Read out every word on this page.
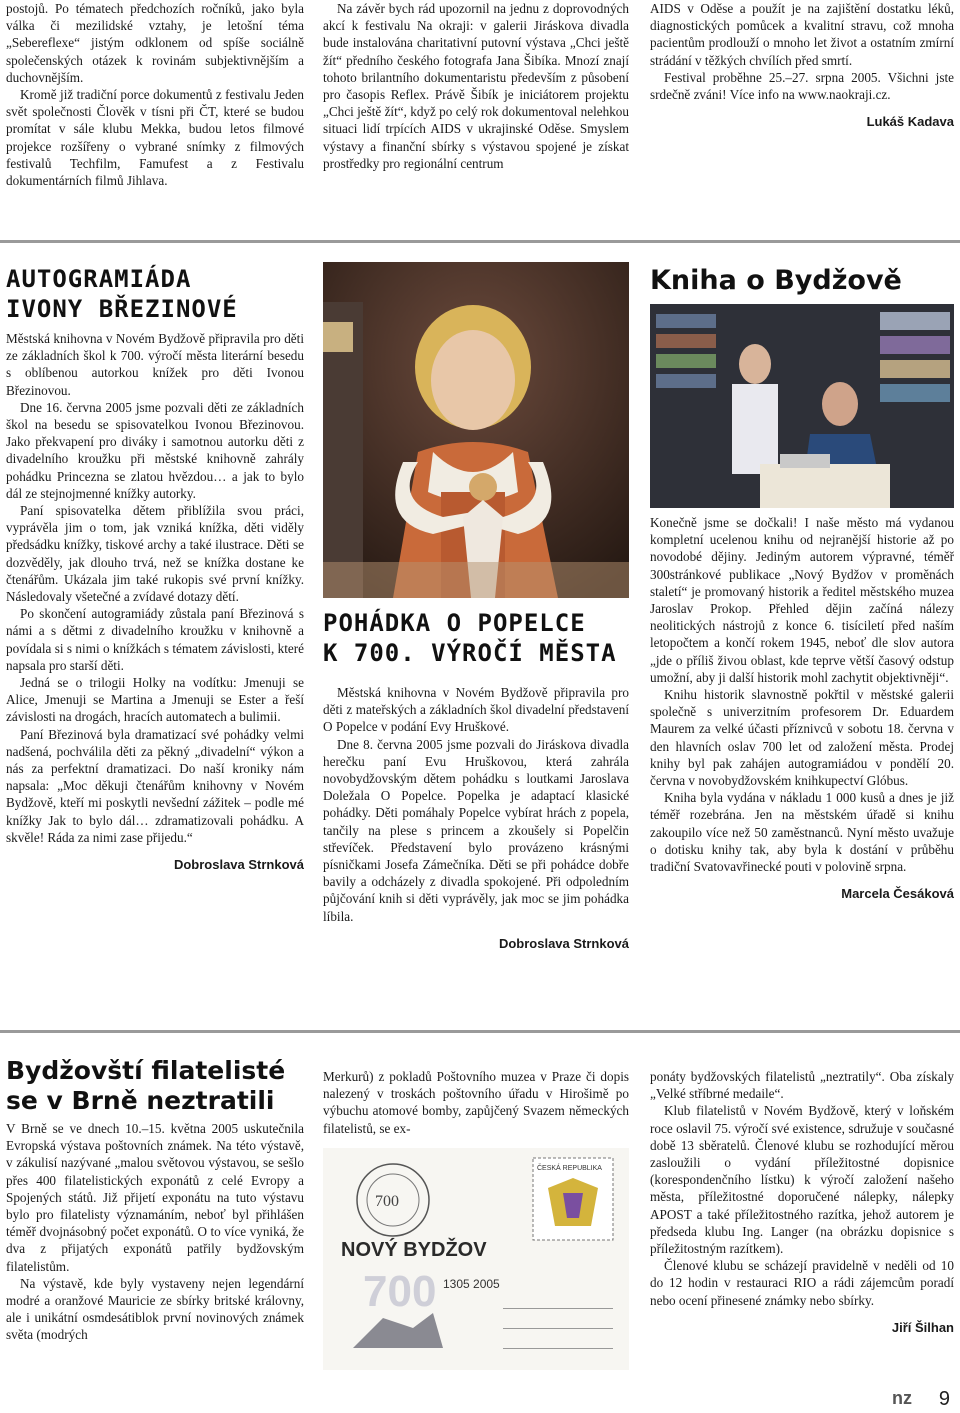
postojů. Po tématech předchozích ročníků, jako byla válka či mezilidské vztahy, je letošní téma „Sebereflexe“ jistým odklonem od spíše sociálně společenských otázek k rovinám subjektivnějším a duchovnějším.

Kromě již tradiční porce dokumentů z festivalu Jeden svět společnosti Člověk v tísni při ČT, které se budou promítat v sále klubu Mekka, budou letos filmové projekce rozšířeny o vybrané snímky z filmových festivalů Techfilm, Famufest a z Festivalu dokumentárních filmů Jihlava.

Na závěr bych rád upozornil na jednu z doprovodných akcí k festivalu Na okraji: v galerii Jiráskova divadla bude instalována charitativní putovní výstava „Chci ještě žít“ předního českého fotografa Jana Šibíka. Mnozí znají tohoto brilantního dokumentaristu především z působení pro časopis Reflex. Právě Šibík je iniciátorem projektu „Chci ještě žít“, když po celý rok dokumentoval nelehkou situaci lidí trpících AIDS v ukrajinské Oděse. Smyslem výstavy a finanční sbírky s výstavou spojené je získat prostředky pro regionální centrum

AIDS v Oděse a použít je na zajištění dostatku léků, diagnostických pomůcek a kvalitní stravu, což mnoha pacientům prodlouží o mnoho let život a ostatním zmírní strádání v těžkých chvílích před smrtí.

Festival proběhne 25.–27. srpna 2005. Všichni jste srdečně zváni! Více info na www.naokraji.cz.

Lukáš Kadava

AUTOGRAMIÁDA
IVONY BŘEZINOVÉ

Městská knihovna v Novém Bydžově připravila pro děti ze základních škol k 700. výročí města literární besedu s oblíbenou autorkou knížek pro děti Ivonou Březinovou.

Dne 16. června 2005 jsme pozvali děti ze základních škol na besedu se spisovatelkou Ivonou Březinovou. Jako překvapení pro diváky i samotnou autorku děti z divadelního kroužku při městské knihovně zahrály pohádku Princezna se zlatou hvězdou… a jak to bylo dál ze stejnojmenné knížky autorky.

Paní spisovatelka dětem přiblížila svou práci, vyprávěla jim o tom, jak vzniká knížka, děti viděly předsádku knížky, tiskové archy a také ilustrace. Děti se dozvěděly, jak dlouho trvá, než se knížka dostane ke čtenářům. Ukázala jim také rukopis své první knížky. Následovaly všetečné a zvídavé dotazy dětí.

Po skončení autogramiády zůstala paní Březinová s námi a s dětmi z divadelního kroužku v knihovně a povídala si s nimi o knížkách s tématem závislosti, které napsala pro starší děti.

Jedná se o trilogii Holky na vodítku: Jmenuji se Alice, Jmenuji se Martina a Jmenuji se Ester a řeší závislosti na drogách, hracích automatech a bulimii.

Paní Březinová byla dramatizací své pohádky velmi nadšená, pochválila děti za pěkný „divadelní“ výkon a nás za perfektní dramatizaci. Do naší kroniky nám napsala: „Moc děkuji čtenářům knihovny v Novém Bydžově, kteří mi poskytli nevšední zážitek – podle mé knížky Jak to bylo dál… zdramatizovali pohádku. A skvěle! Ráda za nimi zase přijedu.“

Dobroslava Strnková

POHÁDKA O POPELCE
K 700. VÝROČÍ MĚSTA

Městská knihovna v Novém Bydžově připravila pro děti z mateřských a základních škol divadelní představení O Popelce v podání Evy Hruškové.

Dne 8. června 2005 jsme pozvali do Jiráskova divadla herečku paní Evu Hruškovou, která zahrála novobydžovským dětem pohádku s loutkami Jaroslava Doležala O Popelce. Popelka je adaptací klasické pohádky. Děti pomáhaly Popelce vybírat hrách z popela, tančily na plese s princem a zkoušely si Popelčin střevíček. Představení bylo provázeno krásnými písničkami Josefa Zámečníka. Děti se při pohádce dobře bavily a odcházely z divadla spokojené. Při odpoledním půjčování knih si děti vyprávěly, jak moc se jim pohádka líbila.

Dobroslava Strnková

Kniha o Bydžově

Konečně jsme se dočkali! I naše město má vydanou kompletní ucelenou knihu od nejranější historie až po novodobé dějiny. Jediným autorem výpravné, téměř 300stránkové publikace „Nový Bydžov v proměnách staletí“ je promovaný historik a ředitel městského muzea Jaroslav Prokop. Přehled dějin začíná nálezy neolitických nástrojů z konce 6. tisíciletí před naším letopočtem a končí rokem 1945, neboť dle slov autora „jde o příliš živou oblast, kde teprve větší časový odstup umožní, aby ji další historik mohl zachytit objektivněji“.

Knihu historik slavnostně pokřtil v městské galerii společně s univerzitním profesorem Dr. Eduardem Maurem za velké účasti příznivců v sobotu 18. června v den hlavních oslav 700 let od založení města. Prodej knihy byl pak zahájen autogramiádou v pondělí 20. června v novobydžovském knihkupectví Glóbus.

Kniha byla vydána v nákladu 1 000 kusů a dnes je již téměř rozebrána. Jen na městském úřadě si knihu zakoupilo více než 50 zaměstnanců. Nyní město uvažuje o dotisku knihy tak, aby byla k dostání v průběhu tradiční Svatovavřinecké pouti v polovině srpna.

Marcela Česáková

Bydžovští filatelisté
se v Brně neztratili

V Brně se ve dnech 10.–15. května 2005 uskutečnila Evropská výstava poštovních známek. Na této výstavě, v zákulisí nazývané „malou světovou výstavou, se sešlo přes 400 filatelistických exponátů z celé Evropy a Spojených států. Již přijetí exponátu na tuto výstavu bylo pro filatelisty významáním, neboť byl přihlášen téměř dvojnásobný počet exponátů. O to více vyniká, že dva z přijatých exponátů patřily bydžovským filatelistům.

Na výstavě, kde byly vystaveny nejen legendární modré a oranžové Mauricie ze sbírky britské královny, ale i unikátní osmdesátiblok první novinových známek světa (modrých

Merkurů) z pokladů Poštovního muzea v Praze či dopis nalezený v troskách poštovního úřadu v Hirošimě po výbuchu atomové bomby, zapůjčený Svazem německých filatelistů, se ex-

700
ČESKÁ REPUBLIKA
NOVÝ BYDŽOV
700 1305 2005

ponáty bydžovských filatelistů „neztratily“. Oba získaly „Velké stříbrné medaile“.

Klub filatelistů v Novém Bydžově, který v loňském roce oslavil 75. výročí své existence, sdružuje v současné době 13 sběratelů. Členové klubu se rozhodující měrou zasloužili o vydání příležitostné dopisnice (korespondenčního lístku) k výročí založení našeho města, příležitostné doporučené nálepky, nálepky APOST a také příležitostného razítka, jehož autorem je předseda klubu Ing. Langer (na obrázku dopisnice s příležitostným razítkem).

Členové klubu se scházejí pravidelně v neděli od 10 do 12 hodin v restauraci RIO a rádi zájemcům poradí nebo ocení přinesené známky nebo sbírky.

Jiří Šilhan

nz 9
